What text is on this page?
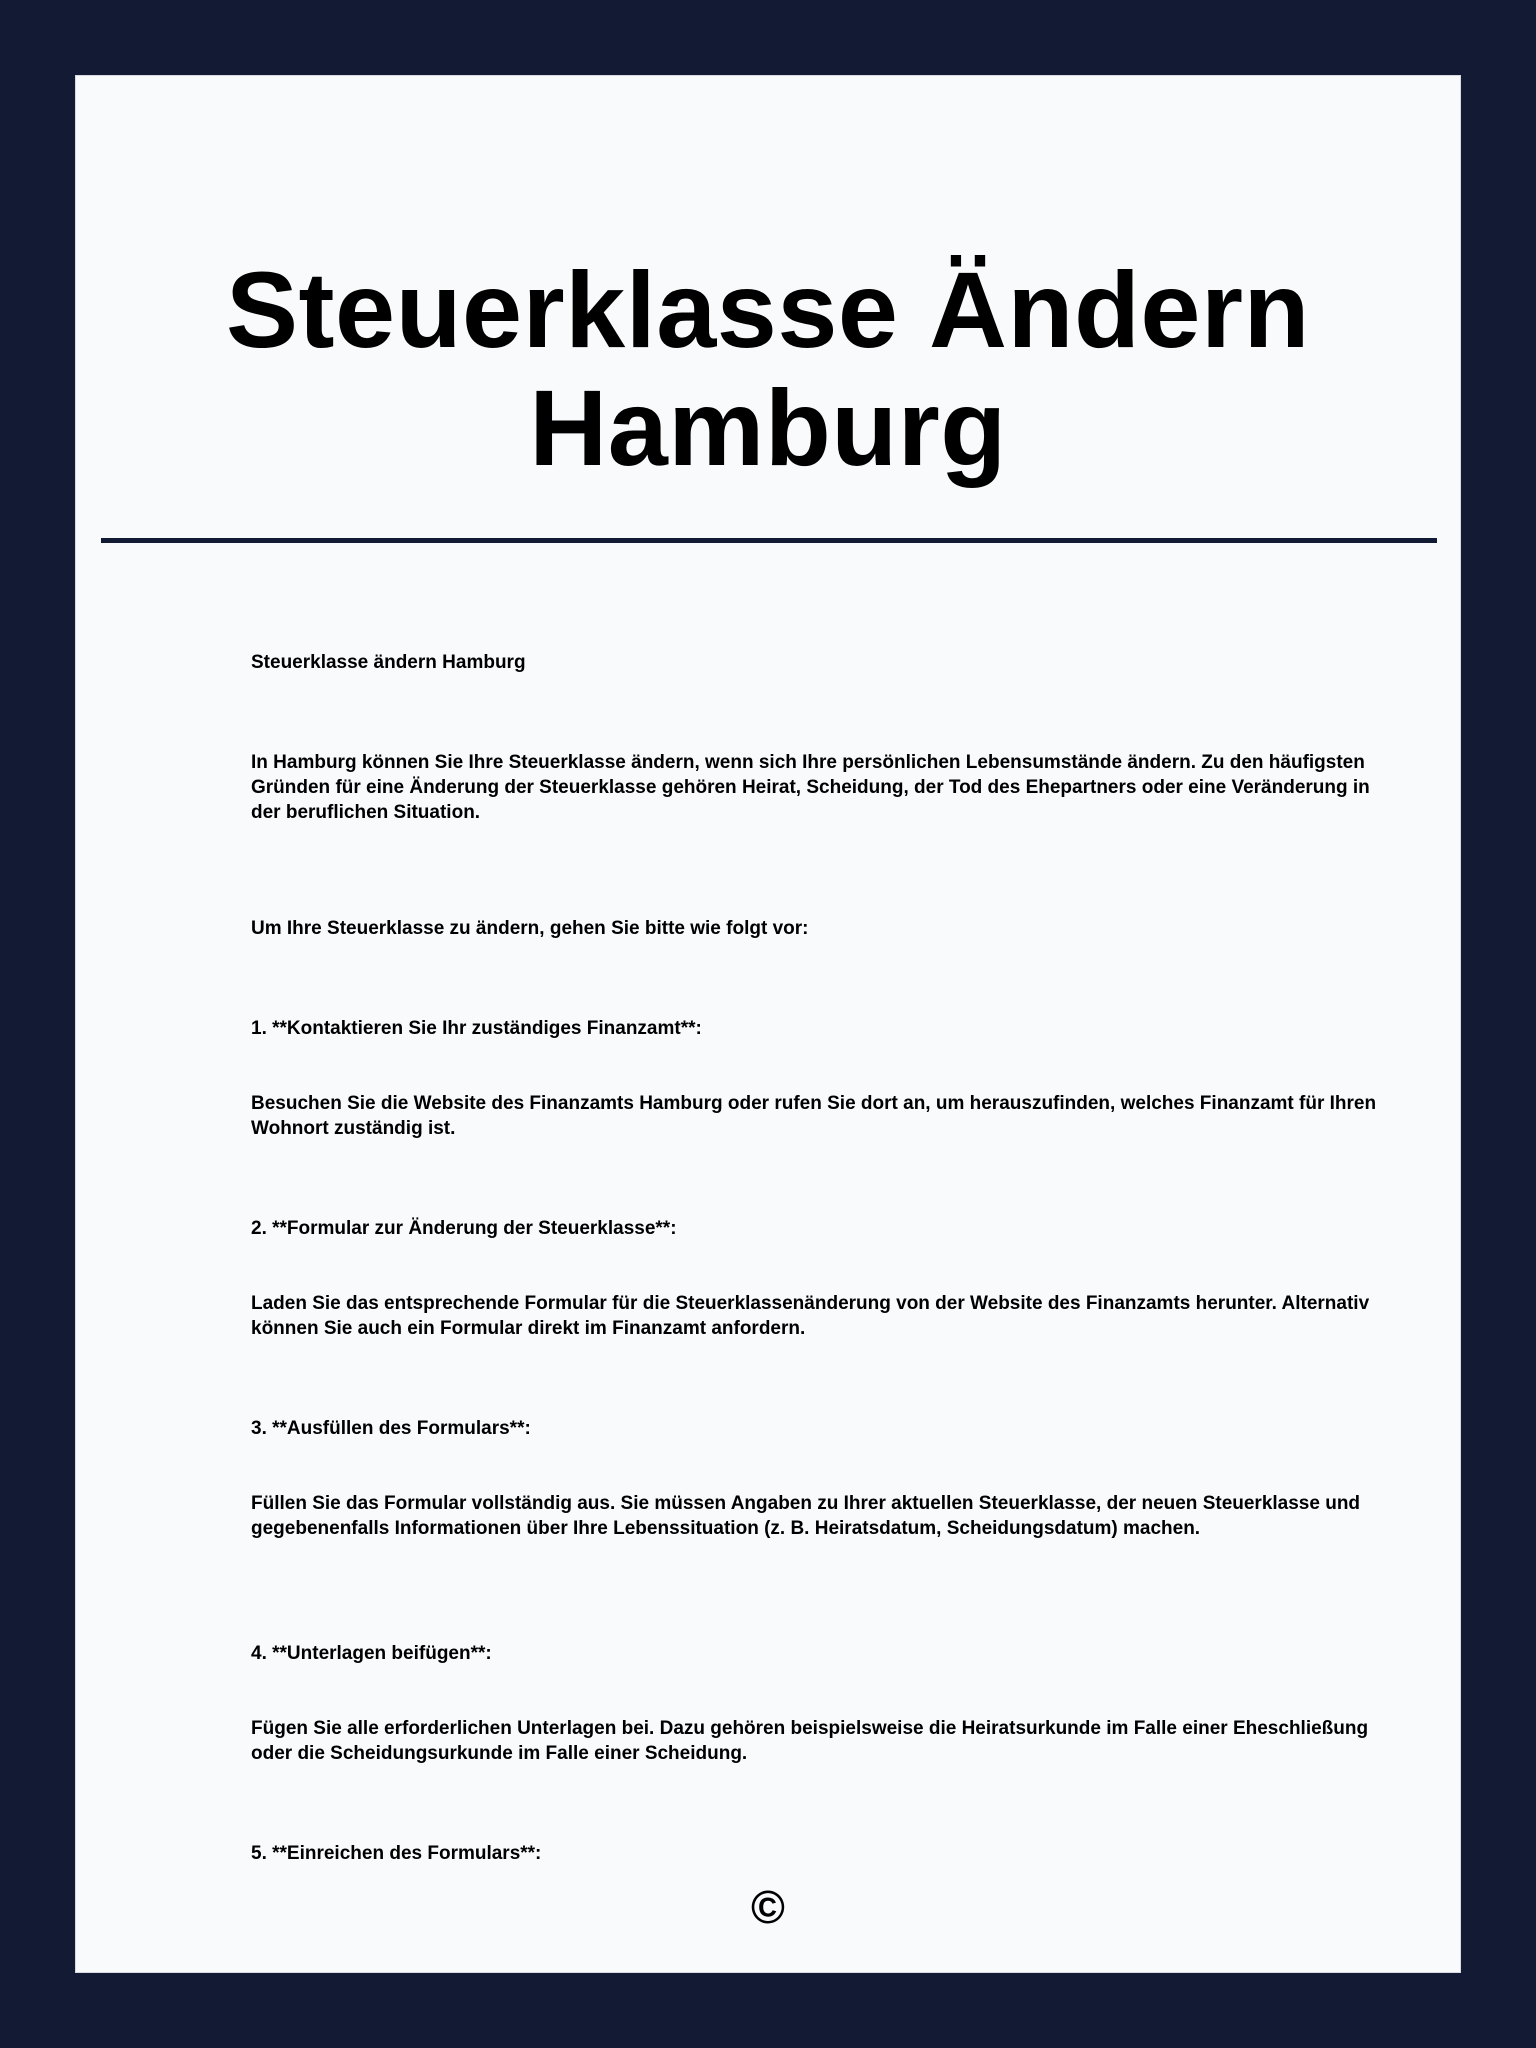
Steuerklasse Ändern
Hamburg

Steuerklasse ändern Hamburg

In Hamburg können Sie Ihre Steuerklasse ändern, wenn sich Ihre persönlichen Lebensumstände ändern. Zu den häufigsten Gründen für eine Änderung der Steuerklasse gehören Heirat, Scheidung, der Tod des Ehepartners oder eine Veränderung in der beruflichen Situation.

Um Ihre Steuerklasse zu ändern, gehen Sie bitte wie folgt vor:

1. **Kontaktieren Sie Ihr zuständiges Finanzamt**:

Besuchen Sie die Website des Finanzamts Hamburg oder rufen Sie dort an, um herauszufinden, welches Finanzamt für Ihren Wohnort zuständig ist.

2. **Formular zur Änderung der Steuerklasse**:

Laden Sie das entsprechende Formular für die Steuerklassenänderung von der Website des Finanzamts herunter. Alternativ können Sie auch ein Formular direkt im Finanzamt anfordern.

3. **Ausfüllen des Formulars**:

Füllen Sie das Formular vollständig aus. Sie müssen Angaben zu Ihrer aktuellen Steuerklasse, der neuen Steuerklasse und gegebenenfalls Informationen über Ihre Lebenssituation (z. B. Heiratsdatum, Scheidungsdatum) machen.

4. **Unterlagen beifügen**:

Fügen Sie alle erforderlichen Unterlagen bei. Dazu gehören beispielsweise die Heiratsurkunde im Falle einer Eheschließung oder die Scheidungsurkunde im Falle einer Scheidung.

5. **Einreichen des Formulars**:

©
